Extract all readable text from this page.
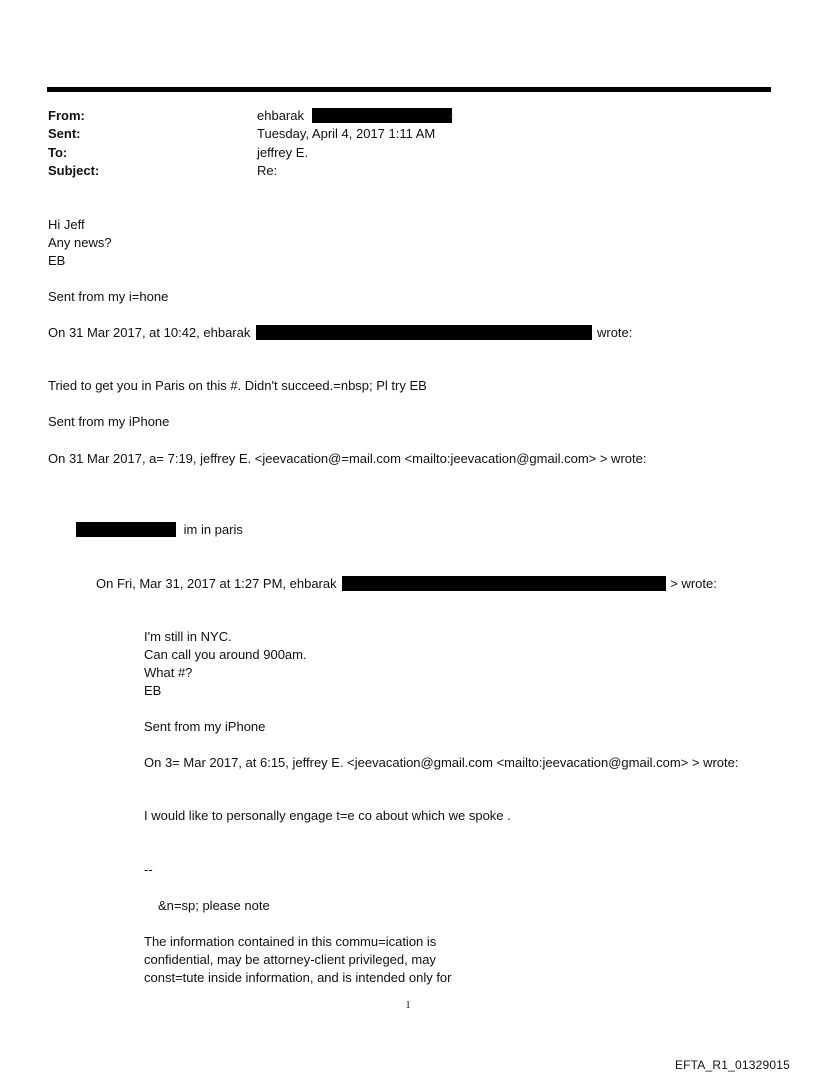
From:	ehbarak	‹
Sent:	Tuesday, April 4, 2017 1:11 AM
To:	jeffrey E.
Subject:	Re:
Hi Jeff
Any news?
EB
Sent from my i=hone
On 31 Mar 2017, at 10:42, ehbarak	wrote:
Tried to get you in Paris on this #. Didn't succeed.=nbsp; Pl try EB
Sent from my iPhone
On 31 Mar 2017, a= 7:19, jeffrey E. <jeevacation@=mail.com <mailto:jeevacation@gmail.com> > wrote:
im in paris
On Fri, Mar 31, 2017 at 1:27 PM, ehbarak	> wrote:
I'm still in NYC.
Can call you around 900am.
What #?
EB
Sent from my iPhone
On 3= Mar 2017, at 6:15, jeffrey E. <jeevacation@gmail.com <mailto:jeevacation@gmail.com> > wrote:
I would like to personally engage t=e co about which we spoke .
--
&n=sp; please note
The information contained in this commu=ication is
confidential, may be attorney-client privileged, may
const=tute inside information, and is intended only for
1
EFTA_R1_01329015
